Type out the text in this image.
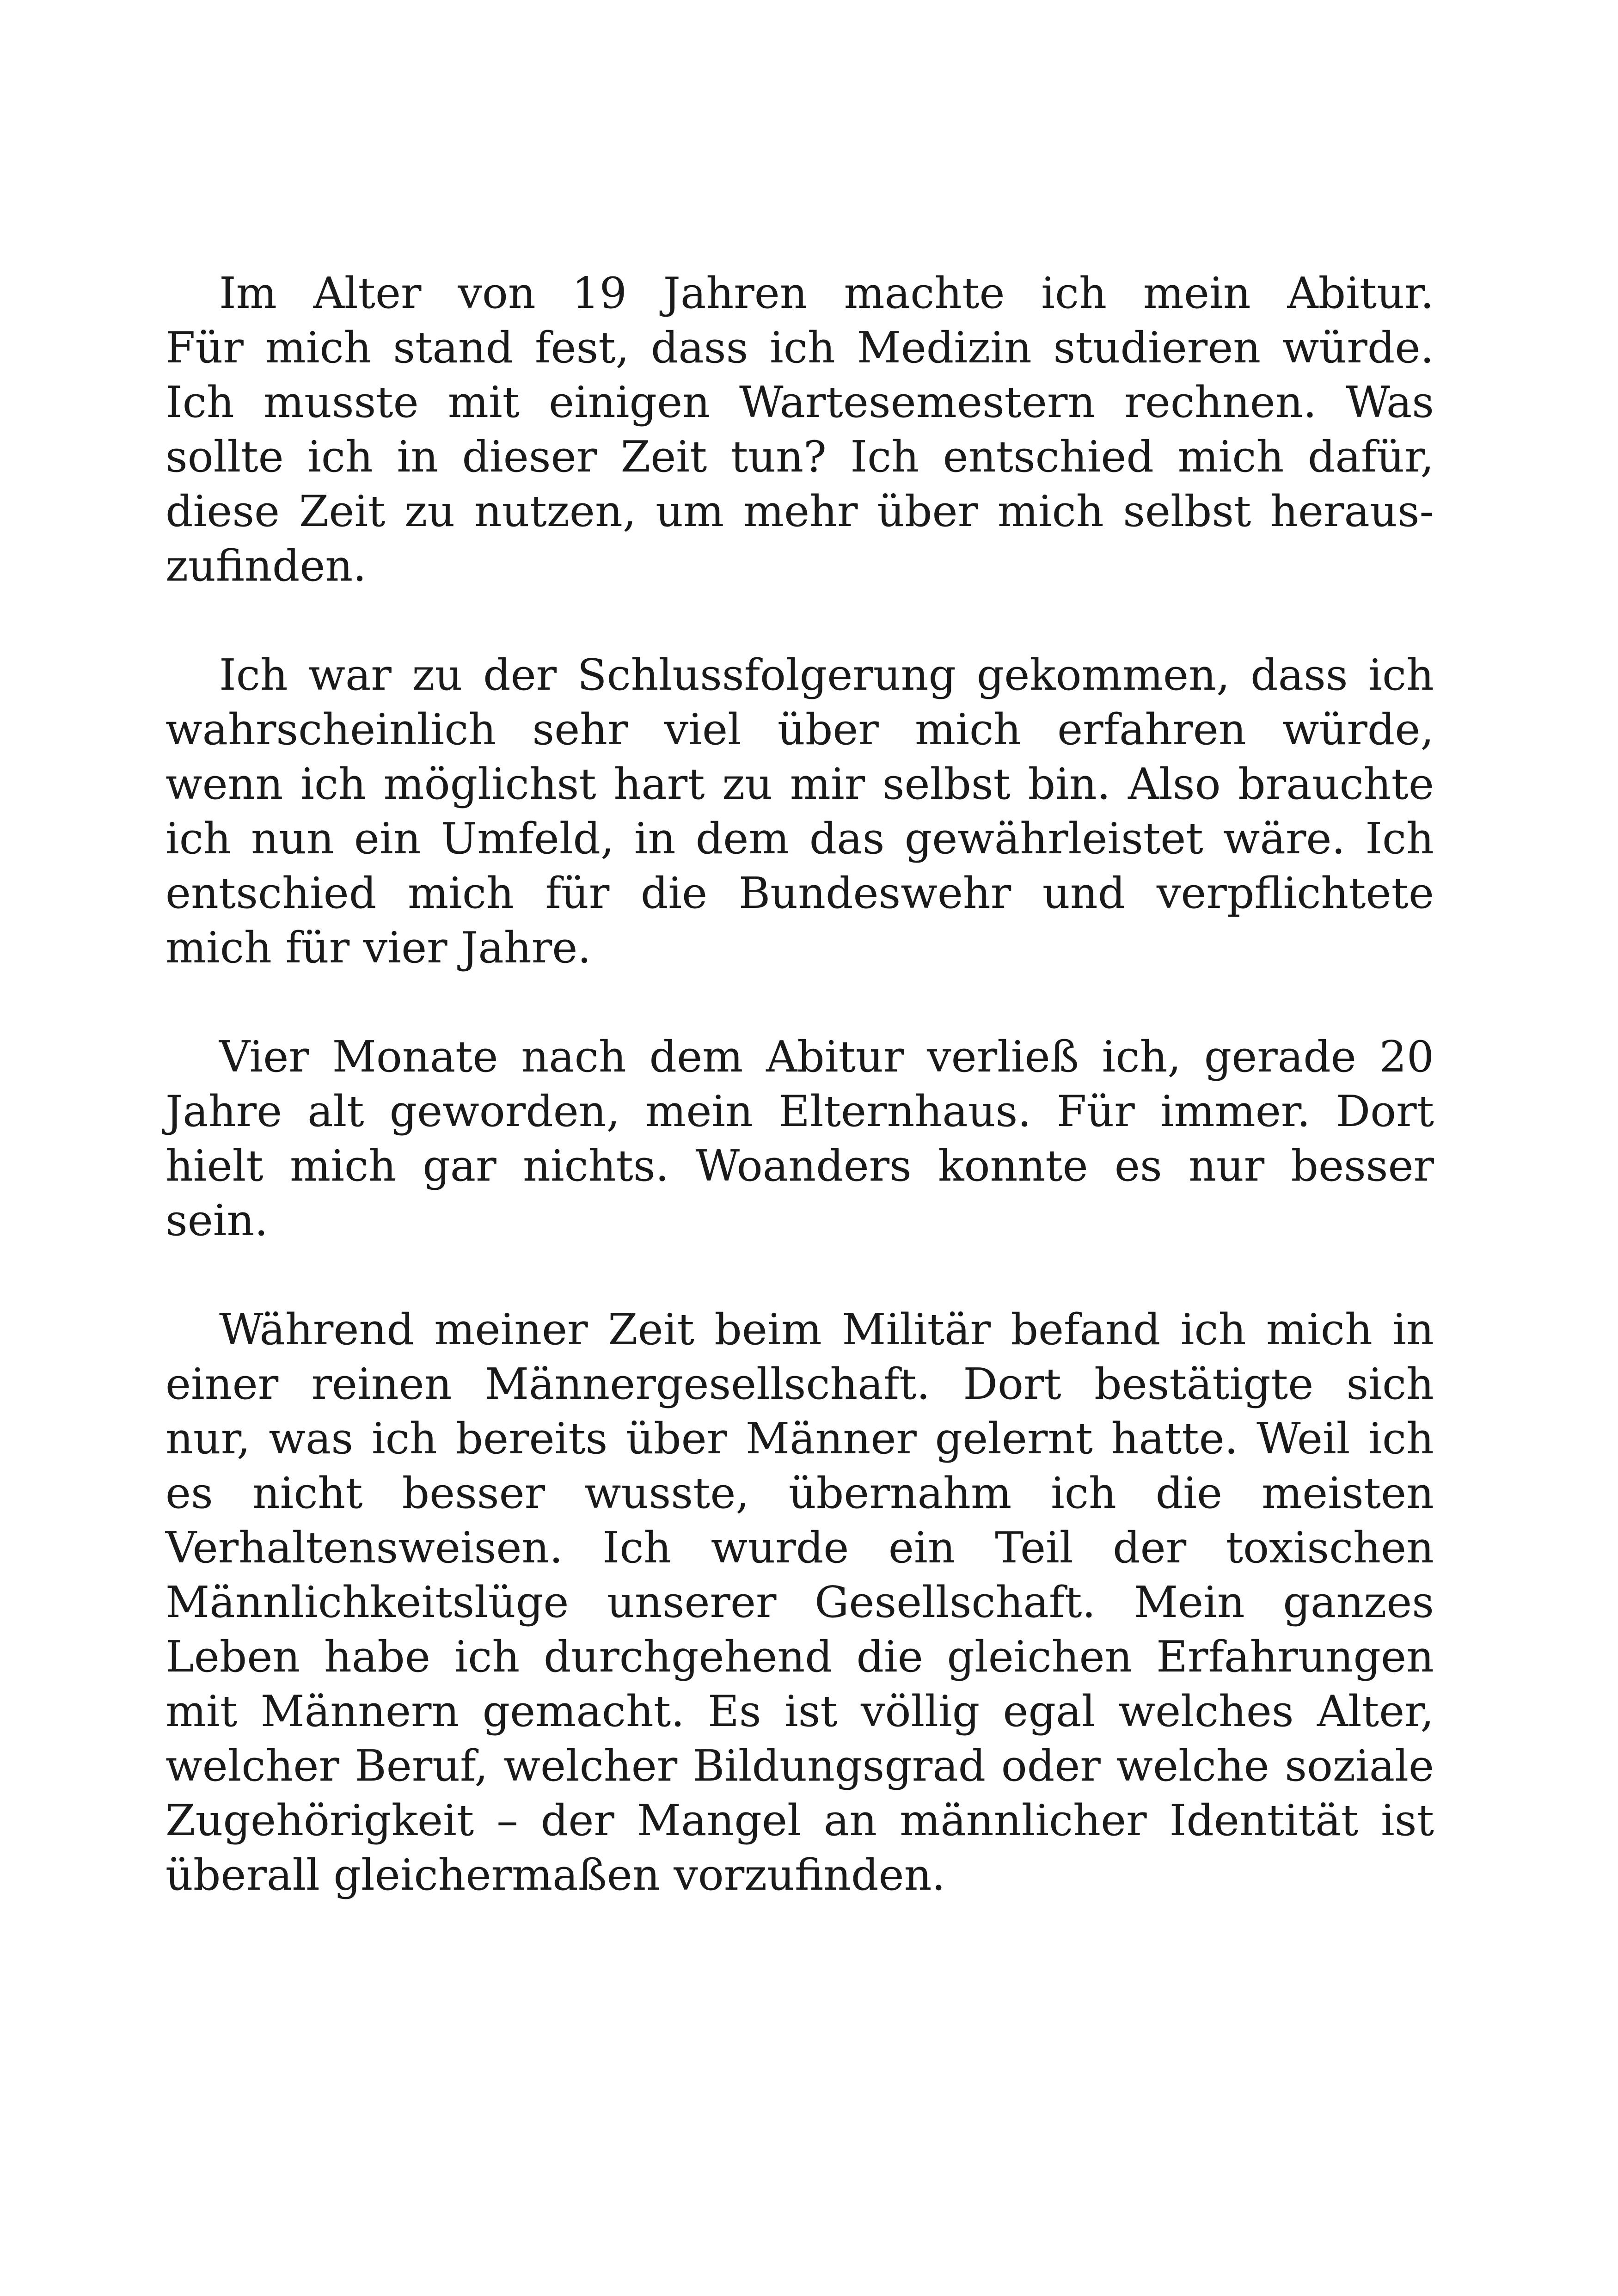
Im Alter von 19 Jahren machte ich mein Abitur.
Für mich stand fest, dass ich Medizin studieren würde.
Ich musste mit einigen Wartesemestern rechnen. Was
sollte ich in dieser Zeit tun? Ich entschied mich dafür,
diese Zeit zu nutzen, um mehr über mich selbst heraus-
zufinden.

Ich war zu der Schlussfolgerung gekommen, dass ich
wahrscheinlich sehr viel über mich erfahren würde,
wenn ich möglichst hart zu mir selbst bin. Also brauchte
ich nun ein Umfeld, in dem das gewährleistet wäre. Ich
entschied mich für die Bundeswehr und verpflichtete
mich für vier Jahre.

Vier Monate nach dem Abitur verließ ich, gerade 20
Jahre alt geworden, mein Elternhaus. Für immer. Dort
hielt mich gar nichts. Woanders konnte es nur besser
sein.

Während meiner Zeit beim Militär befand ich mich in
einer reinen Männergesellschaft. Dort bestätigte sich
nur, was ich bereits über Männer gelernt hatte. Weil ich
es nicht besser wusste, übernahm ich die meisten
Verhaltensweisen. Ich wurde ein Teil der toxischen
Männlichkeitslüge unserer Gesellschaft. Mein ganzes
Leben habe ich durchgehend die gleichen Erfahrungen
mit Männern gemacht. Es ist völlig egal welches Alter,
welcher Beruf, welcher Bildungsgrad oder welche soziale
Zugehörigkeit – der Mangel an männlicher Identität ist
überall gleichermaßen vorzufinden.
